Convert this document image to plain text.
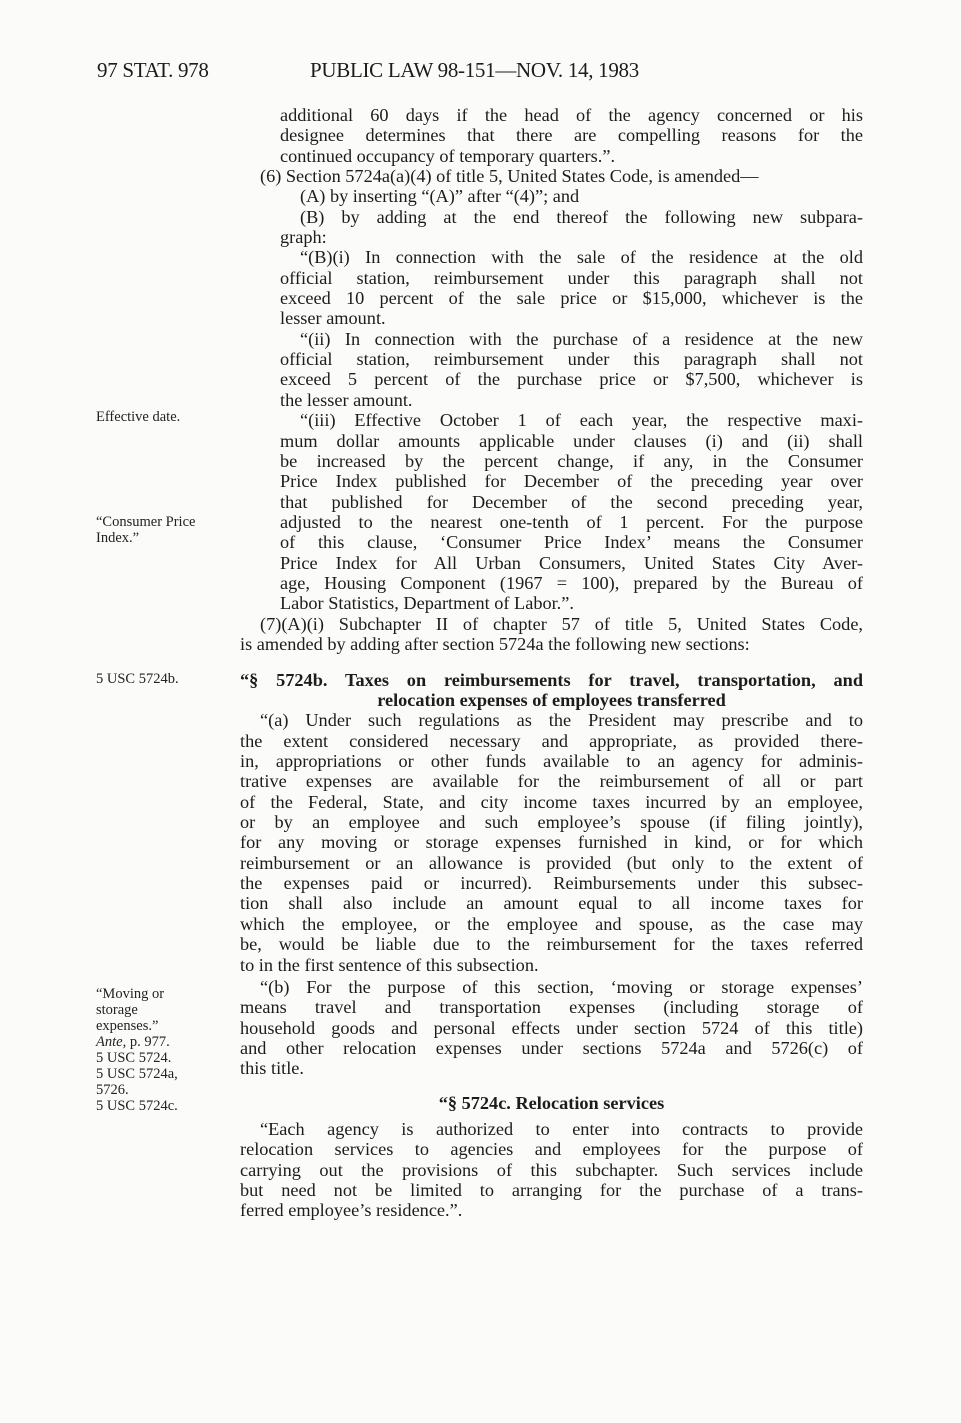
97 STAT. 978	PUBLIC LAW 98-151—NOV. 14, 1983
Effective date.
“Consumer Price
Index.”
5 USC 5724b.
“Moving or
storage
expenses.”
Ante, p. 977.
5 USC 5724.
5 USC 5724a,
5726.
5 USC 5724c.
additional 60 days if the head of the agency concerned or his
designee determines that there are compelling reasons for the
continued occupancy of temporary quarters.”.
(6) Section 5724a(a)(4) of title 5, United States Code, is amended—
(A) by inserting “(A)” after “(4)”; and
(B) by adding at the end thereof the following new subpara-
graph:
“(B)(i) In connection with the sale of the residence at the old
official station, reimbursement under this paragraph shall not
exceed 10 percent of the sale price or $15,000, whichever is the
lesser amount.
“(ii) In connection with the purchase of a residence at the new
official station, reimbursement under this paragraph shall not
exceed 5 percent of the purchase price or $7,500, whichever is
the lesser amount.
“(iii) Effective October 1 of each year, the respective maxi-
mum dollar amounts applicable under clauses (i) and (ii) shall
be increased by the percent change, if any, in the Consumer
Price Index published for December of the preceding year over
that published for December of the second preceding year,
adjusted to the nearest one-tenth of 1 percent. For the purpose
of this clause, ‘Consumer Price Index’ means the Consumer
Price Index for All Urban Consumers, United States City Aver-
age, Housing Component (1967 = 100), prepared by the Bureau of
Labor Statistics, Department of Labor.”.
(7)(A)(i) Subchapter II of chapter 57 of title 5, United States Code,
is amended by adding after section 5724a the following new sections:
“§ 5724b. Taxes on reimbursements for travel, transportation, and
relocation expenses of employees transferred
“(a) Under such regulations as the President may prescribe and to
the extent considered necessary and appropriate, as provided there-
in, appropriations or other funds available to an agency for adminis-
trative expenses are available for the reimbursement of all or part
of the Federal, State, and city income taxes incurred by an employee,
or by an employee and such employee’s spouse (if filing jointly),
for any moving or storage expenses furnished in kind, or for which
reimbursement or an allowance is provided (but only to the extent of
the expenses paid or incurred). Reimbursements under this subsec-
tion shall also include an amount equal to all income taxes for
which the employee, or the employee and spouse, as the case may
be, would be liable due to the reimbursement for the taxes referred
to in the first sentence of this subsection.
“(b) For the purpose of this section, ‘moving or storage expenses’
means travel and transportation expenses (including storage of
household goods and personal effects under section 5724 of this title)
and other relocation expenses under sections 5724a and 5726(c) of
this title.
“§ 5724c. Relocation services
“Each agency is authorized to enter into contracts to provide
relocation services to agencies and employees for the purpose of
carrying out the provisions of this subchapter. Such services include
but need not be limited to arranging for the purchase of a trans-
ferred employee’s residence.”.
